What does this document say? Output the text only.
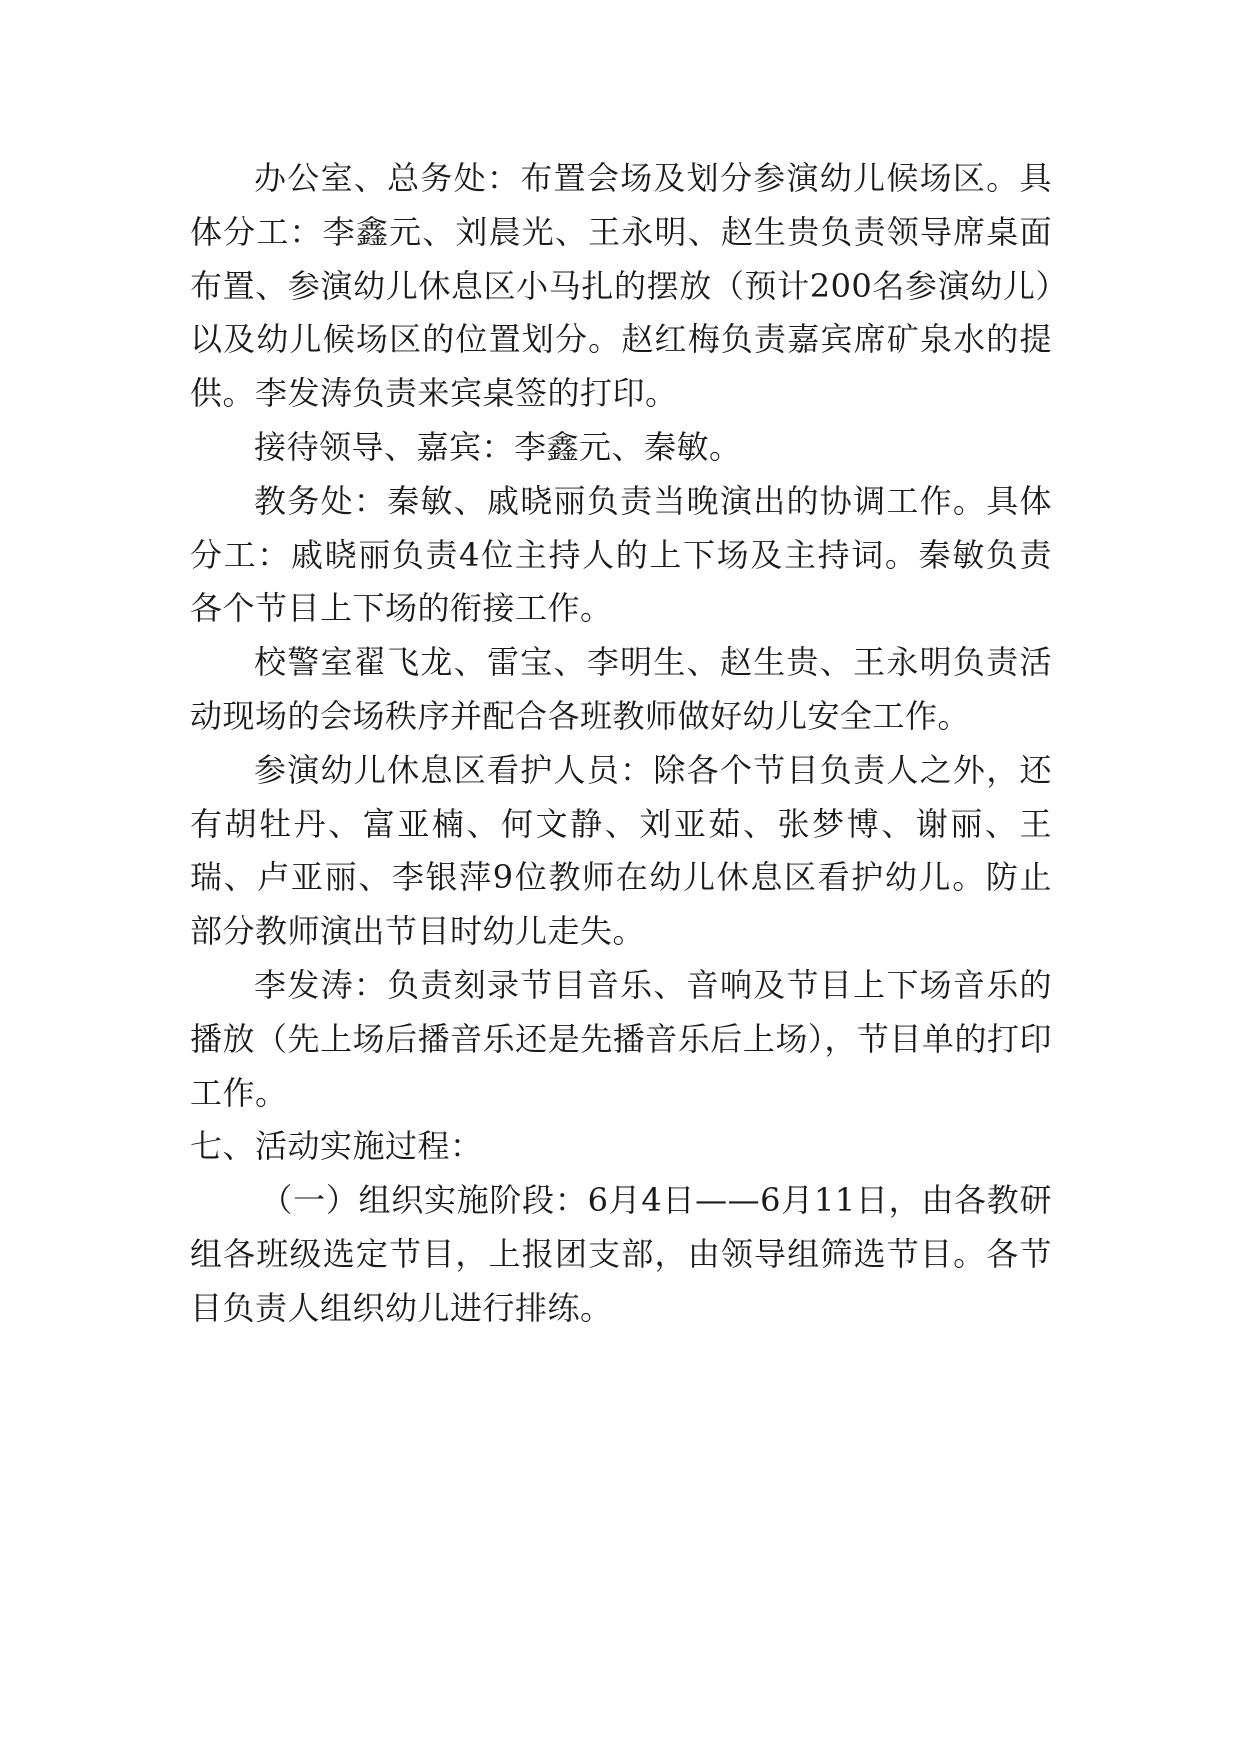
办公室、总务处：布置会场及划分参演幼儿候场区。具体分工：李鑫元、刘晨光、王永明、赵生贵负责领导席桌面布置、参演幼儿休息区小马扎的摆放（预计200名参演幼儿）以及幼儿候场区的位置划分。赵红梅负责嘉宾席矿泉水的提供。李发涛负责来宾桌签的打印。

接待领导、嘉宾：李鑫元、秦敏。

教务处：秦敏、戚晓丽负责当晚演出的协调工作。具体分工：戚晓丽负责4位主持人的上下场及主持词。秦敏负责各个节目上下场的衔接工作。

校警室翟飞龙、雷宝、李明生、赵生贵、王永明负责活动现场的会场秩序并配合各班教师做好幼儿安全工作。

参演幼儿休息区看护人员：除各个节目负责人之外，还有胡牡丹、富亚楠、何文静、刘亚茹、张梦博、谢丽、王瑞、卢亚丽、李银萍9位教师在幼儿休息区看护幼儿。防止部分教师演出节目时幼儿走失。

李发涛：负责刻录节目音乐、音响及节目上下场音乐的播放（先上场后播音乐还是先播音乐后上场），节目单的打印工作。

七、活动实施过程：

（一）组织实施阶段：6月4日——6月11日，由各教研组各班级选定节目，上报团支部，由领导组筛选节目。各节目负责人组织幼儿进行排练。
